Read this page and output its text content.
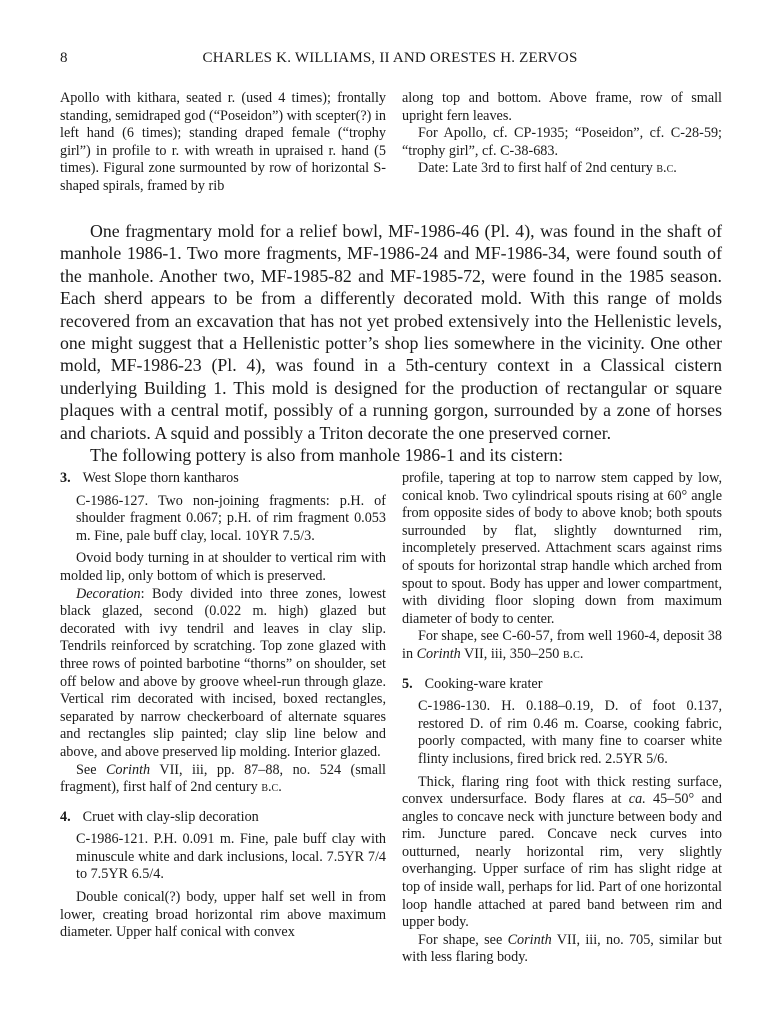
8	CHARLES K. WILLIAMS, II AND ORESTES H. ZERVOS

Apollo with kithara, seated r. (used 4 times); frontally standing, semidraped god (“Poseidon”) with scepter(?) in left hand (6 times); standing draped female (“trophy girl”) in profile to r. with wreath in upraised r. hand (5 times). Figural zone surmounted by row of horizontal S-shaped spirals, framed by rib

along top and bottom. Above frame, row of small upright fern leaves.

For Apollo, cf. CP-1935; “Poseidon”, cf. C-28-59; “trophy girl”, cf. C-38-683.

Date: Late 3rd to first half of 2nd century b.c.

One fragmentary mold for a relief bowl, MF-1986-46 (Pl. 4), was found in the shaft of manhole 1986-1. Two more fragments, MF-1986-24 and MF-1986-34, were found south of the manhole. Another two, MF-1985-82 and MF-1985-72, were found in the 1985 season. Each sherd appears to be from a differently decorated mold. With this range of molds recovered from an excavation that has not yet probed extensively into the Hellenistic levels, one might suggest that a Hellenistic potter’s shop lies somewhere in the vicinity. One other mold, MF-1986-23 (Pl. 4), was found in a 5th-century context in a Classical cistern underlying Building 1. This mold is designed for the production of rectangular or square plaques with a central motif, possibly of a running gorgon, surrounded by a zone of horses and chariots. A squid and possibly a Triton decorate the one preserved corner.

The following pottery is also from manhole 1986-1 and its cistern:

3. West Slope thorn kantharos

C-1986-127. Two non-joining fragments: p.H. of shoulder fragment 0.067; p.H. of rim fragment 0.053 m. Fine, pale buff clay, local. 10YR 7.5/3.

Ovoid body turning in at shoulder to vertical rim with molded lip, only bottom of which is preserved.

Decoration: Body divided into three zones, lowest black glazed, second (0.022 m. high) glazed but decorated with ivy tendril and leaves in clay slip. Tendrils reinforced by scratching. Top zone glazed with three rows of pointed barbotine “thorns” on shoulder, set off below and above by groove wheel-run through glaze. Vertical rim decorated with incised, boxed rectangles, separated by narrow checkerboard of alternate squares and rectangles slip painted; clay slip line below and above, and above preserved lip molding. Interior glazed.

See Corinth VII, iii, pp. 87–88, no. 524 (small fragment), first half of 2nd century b.c.

4. Cruet with clay-slip decoration

C-1986-121. P.H. 0.091 m. Fine, pale buff clay with minuscule white and dark inclusions, local. 7.5YR 7/4 to 7.5YR 6.5/4.

Double conical(?) body, upper half set well in from lower, creating broad horizontal rim above maximum diameter. Upper half conical with convex

profile, tapering at top to narrow stem capped by low, conical knob. Two cylindrical spouts rising at 60° angle from opposite sides of body to above knob; both spouts surrounded by flat, slightly downturned rim, incompletely preserved. Attachment scars against rims of spouts for horizontal strap handle which arched from spout to spout. Body has upper and lower compartment, with dividing floor sloping down from maximum diameter of body to center.

For shape, see C-60-57, from well 1960-4, deposit 38 in Corinth VII, iii, 350–250 b.c.

5. Cooking-ware krater

C-1986-130. H. 0.188–0.19, D. of foot 0.137, restored D. of rim 0.46 m. Coarse, cooking fabric, poorly compacted, with many fine to coarser white flinty inclusions, fired brick red. 2.5YR 5/6.

Thick, flaring ring foot with thick resting surface, convex undersurface. Body flares at ca. 45–50° and angles to concave neck with juncture between body and rim. Juncture pared. Concave neck curves into outturned, nearly horizontal rim, very slightly overhanging. Upper surface of rim has slight ridge at top of inside wall, perhaps for lid. Part of one horizontal loop handle attached at pared band between rim and upper body.

For shape, see Corinth VII, iii, no. 705, similar but with less flaring body.
